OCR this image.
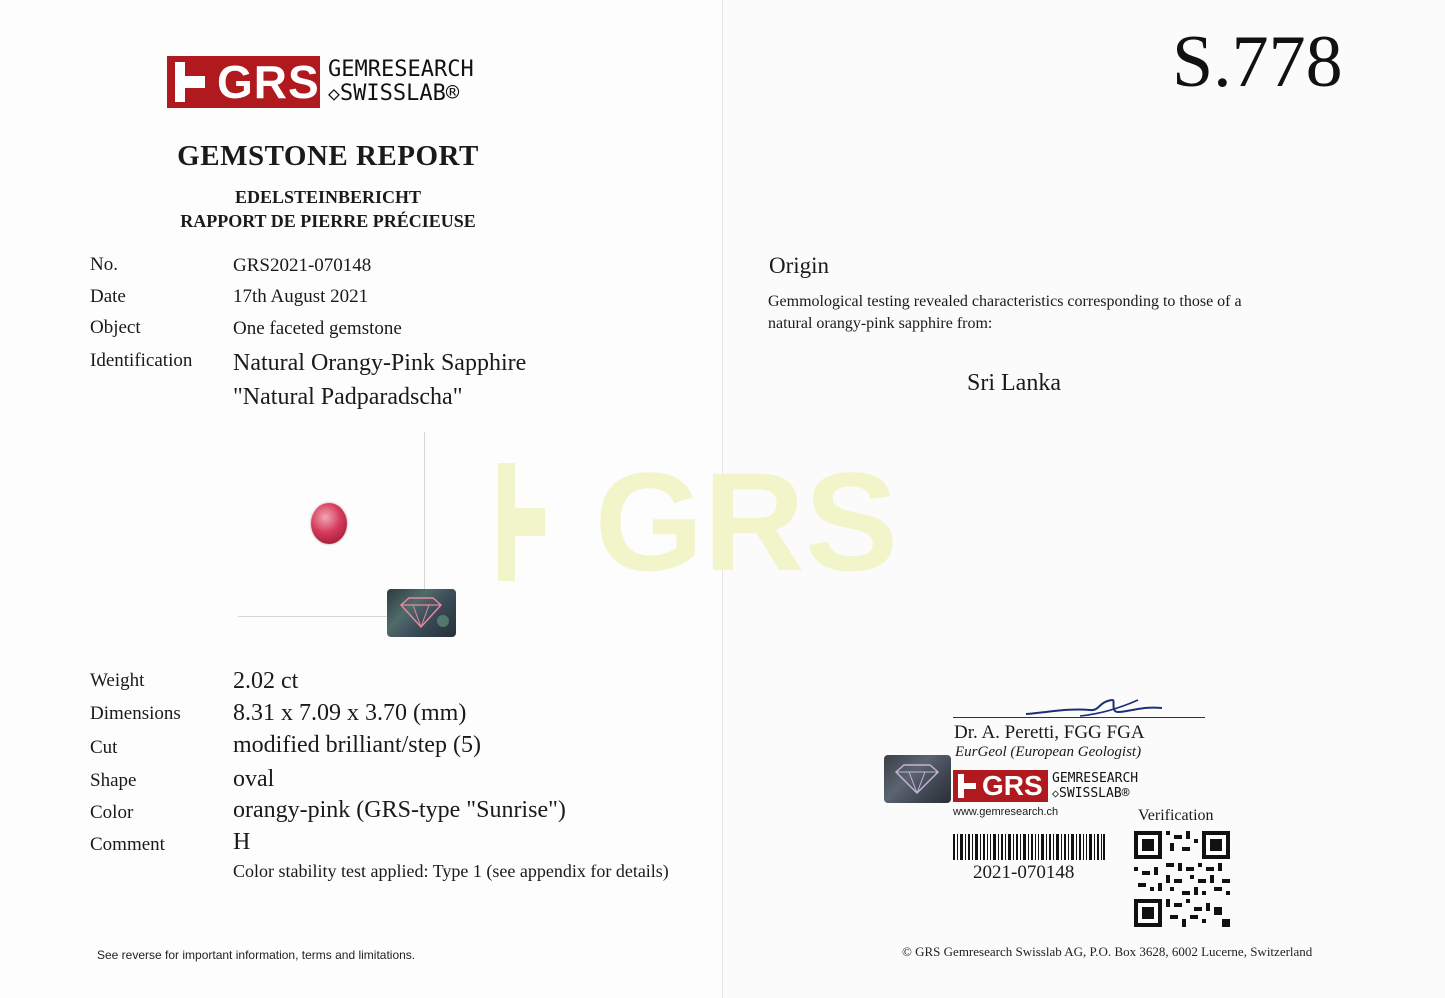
GRS GEMRESEARCH
◇SWISSLAB®
GEMSTONE REPORT
EDELSTEINBERICHT
RAPPORT DE PIERRE PRÉCIEUSE
No.	GRS2021-070148
Date	17th August 2021
Object	One faceted gemstone
Identification Natural Orangy-Pink Sapphire
"Natural Padparadscha"
Weight	2.02 ct
Dimensions 8.31 x 7.09 x 3.70 (mm)
Cut	modified brilliant/step (5)
Shape	oval
Color	orangy-pink (GRS-type "Sunrise")
Comment	H
Color stability test applied: Type 1 (see appendix for details)
See reverse for important information, terms and limitations.
GRS
S.778
Origin
Gemmological testing revealed characteristics corresponding to those of a natural orangy-pink sapphire from:
Sri Lanka
Dr. A. Peretti, FGG FGA
EurGeol (European Geologist)
GRS GEMRESEARCH
◇SWISSLAB®
www.gemresearch.ch	Verification
2021-070148
© GRS Gemresearch Swisslab AG, P.O. Box 3628, 6002 Lucerne, Switzerland
